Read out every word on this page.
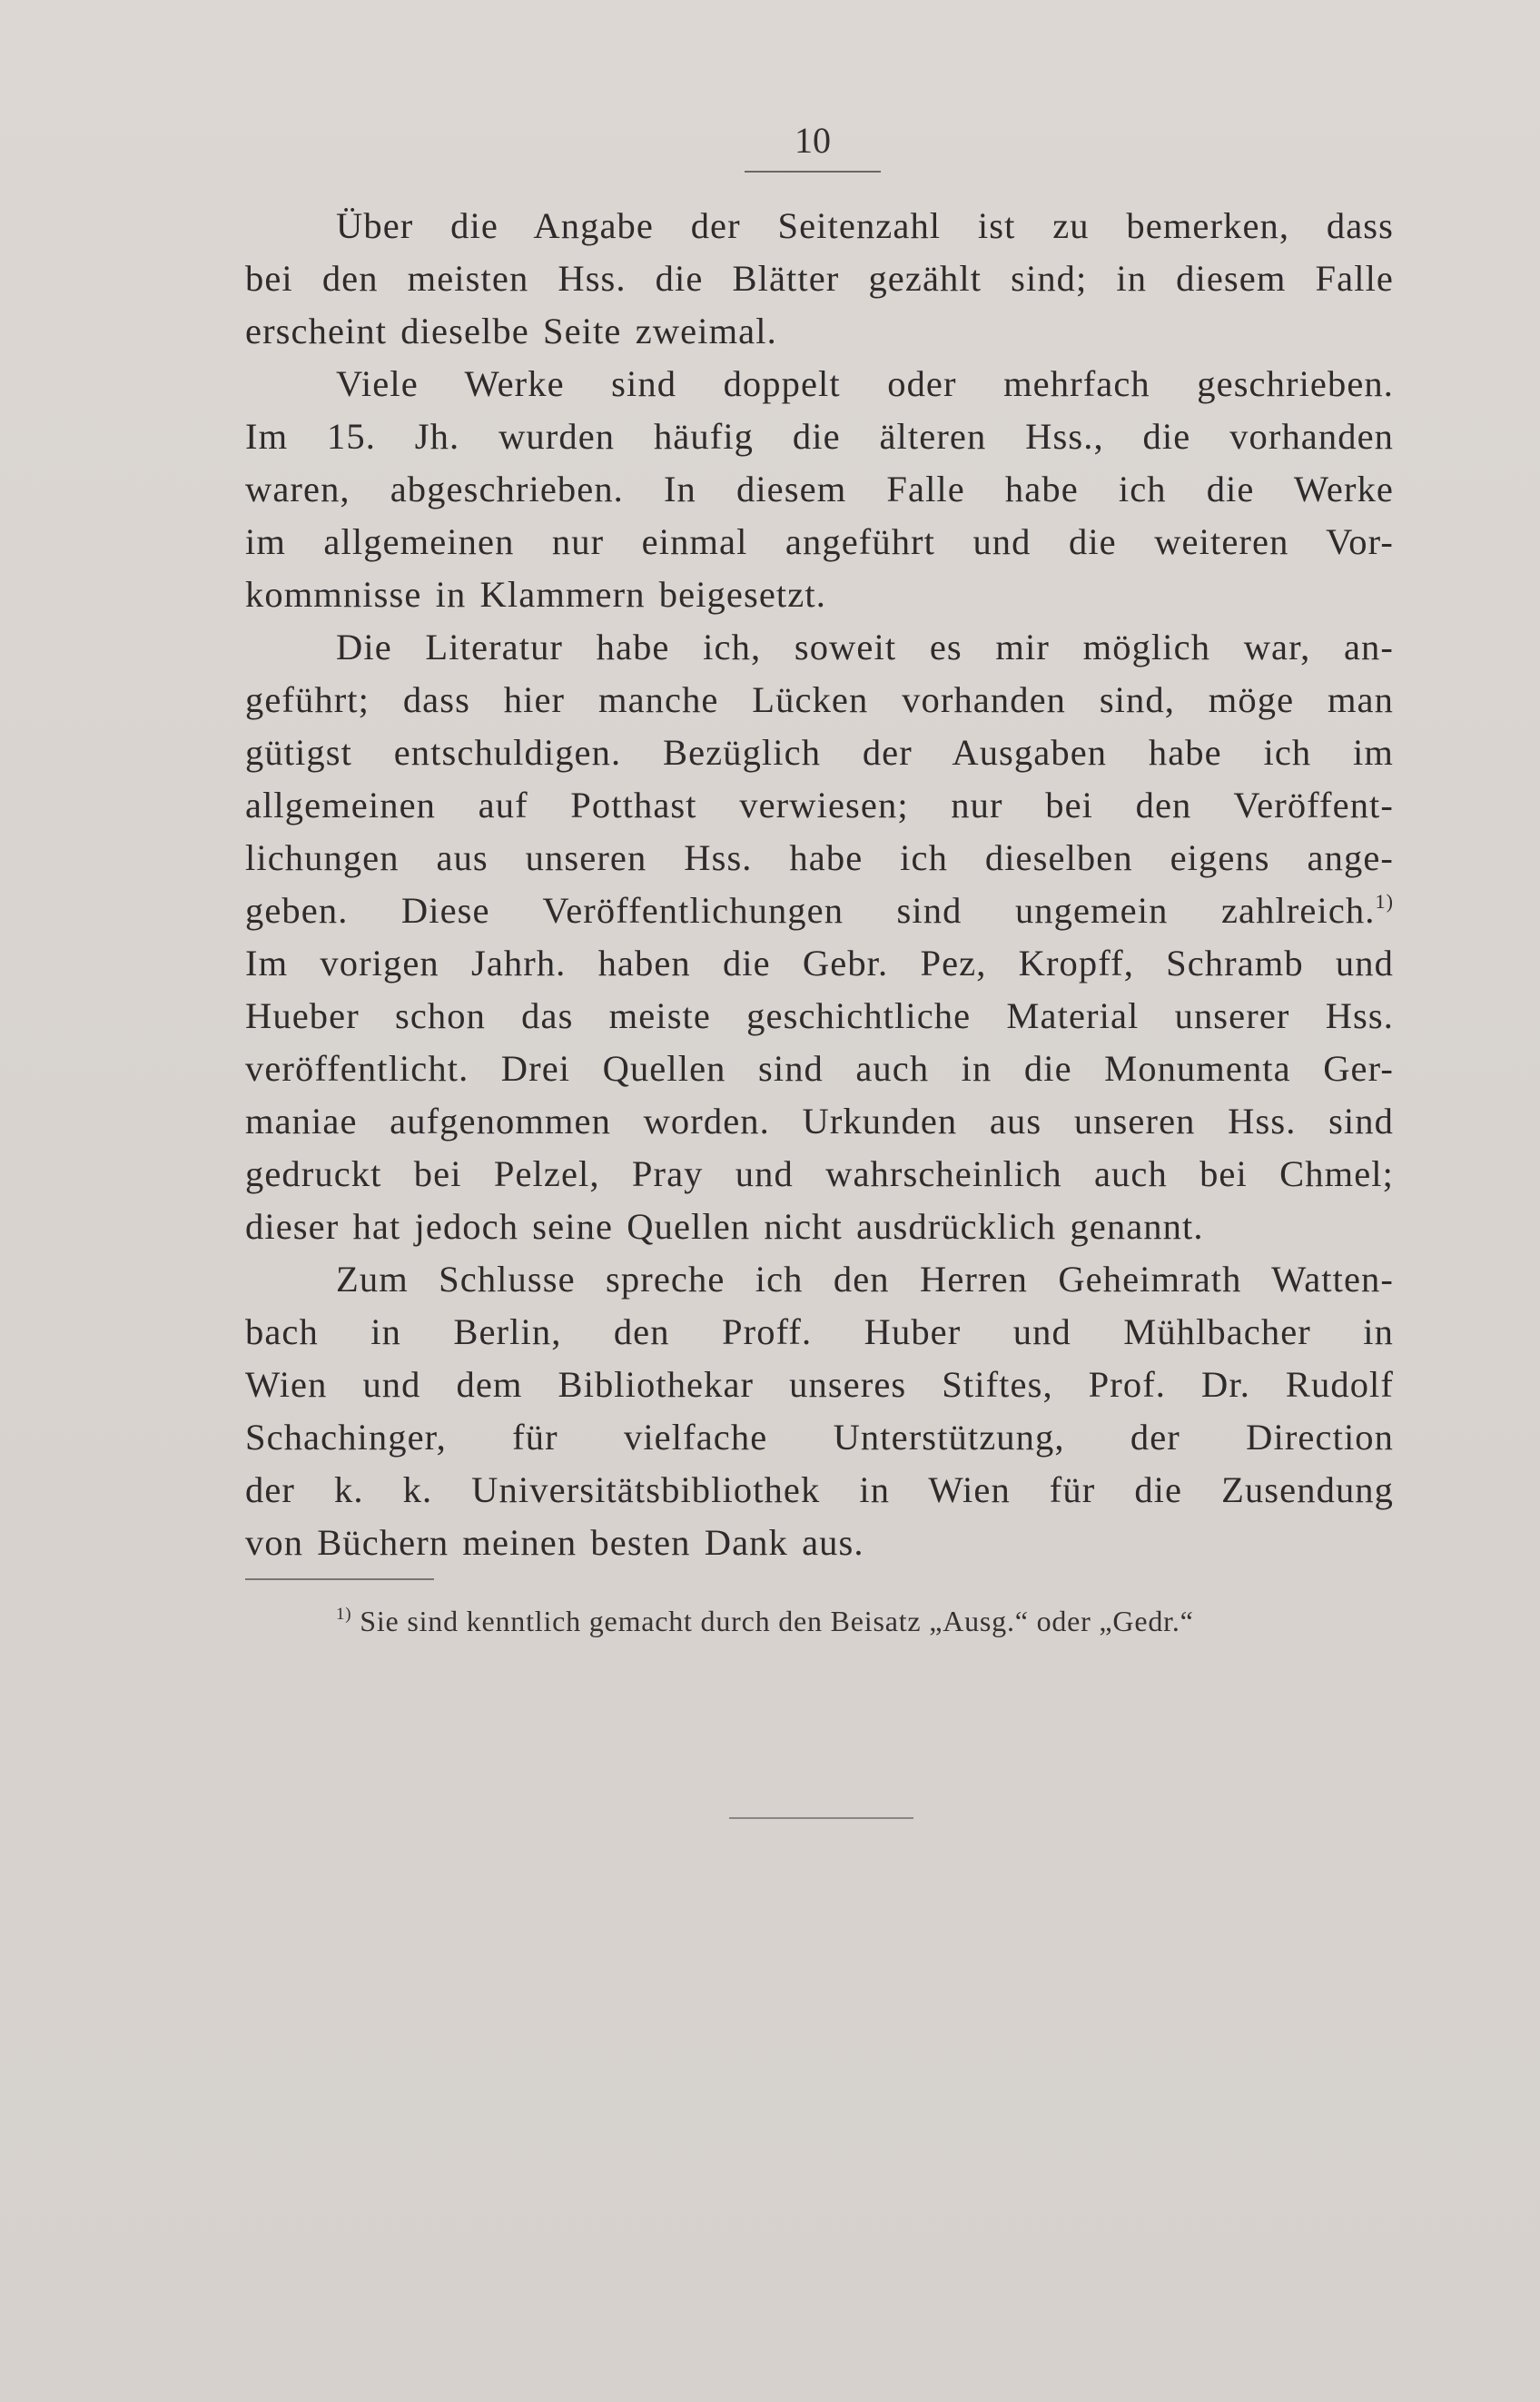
10
Über die Angabe der Seitenzahl ist zu bemerken, dass
bei den meisten Hss. die Blätter gezählt sind; in diesem Falle
erscheint dieselbe Seite zweimal.
Viele Werke sind doppelt oder mehrfach geschrieben.
Im 15. Jh. wurden häufig die älteren Hss., die vorhanden
waren, abgeschrieben. In diesem Falle habe ich die Werke
im allgemeinen nur einmal angeführt und die weiteren Vor-
kommnisse in Klammern beigesetzt.
Die Literatur habe ich, soweit es mir möglich war, an-
geführt; dass hier manche Lücken vorhanden sind, möge man
gütigst entschuldigen. Bezüglich der Ausgaben habe ich im
allgemeinen auf Potthast verwiesen; nur bei den Veröffent-
lichungen aus unseren Hss. habe ich dieselben eigens ange-
geben. Diese Veröffentlichungen sind ungemein zahlreich.$^{1)}$
Im vorigen Jahrh. haben die Gebr. Pez, Kropff, Schramb und
Hueber schon das meiste geschichtliche Material unserer Hss.
veröffentlicht. Drei Quellen sind auch in die Monumenta Ger-
maniae aufgenommen worden. Urkunden aus unseren Hss. sind
gedruckt bei Pelzel, Pray und wahrscheinlich auch bei Chmel;
dieser hat jedoch seine Quellen nicht ausdrücklich genannt.
Zum Schlusse spreche ich den Herren Geheimrath Watten-
bach in Berlin, den Proff. Huber und Mühlbacher in
Wien und dem Bibliothekar unseres Stiftes, Prof. Dr. Rudolf
Schachinger, für vielfache Unterstützung, der Direction
der k. k. Universitätsbibliothek in Wien für die Zusendung
von Büchern meinen besten Dank aus.
$^{1)}$ Sie sind kenntlich gemacht durch den Beisatz „Ausg.“ oder „Gedr.“
